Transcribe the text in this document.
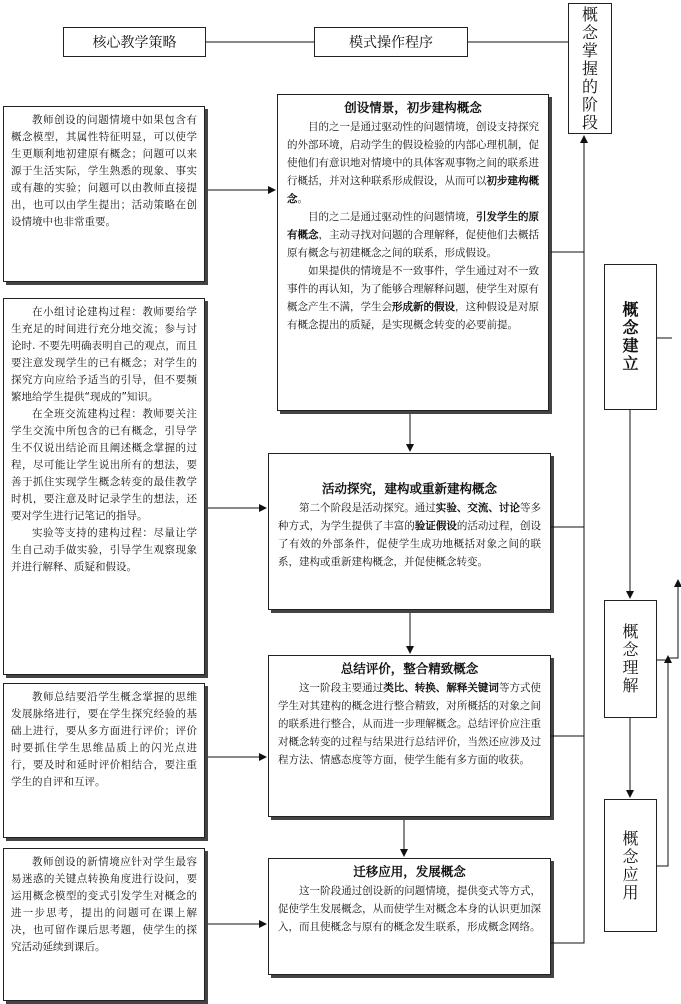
核心教学策略	模式操作程序
概念掌握的阶段

教师创设的问题情境中如果包含有概念模型，其属性特征明显，可以使学生更顺利地初建原有概念；问题可以来源于生活实际，学生熟悉的现象、事实或有趣的实验；问题可以由教师直接提出，也可以由学生提出；活动策略在创设情境中也非常重要。

在小组讨论建构过程：教师要给学生充足的时间进行充分地交流；参与讨论时. 不要先明确表明自己的观点，而且要注意发现学生的已有概念；对学生的探究方向应给予适当的引导，但不要频繁地给学生提供“现成的”知识。

在全班交流建构过程：教师要关注学生交流中所包含的已有概念，引导学生不仅说出结论而且阐述概念掌握的过程，尽可能让学生说出所有的想法，要善于抓住实现学生概念转变的最佳教学时机，要注意及时记录学生的想法，还要对学生进行记笔记的指导。

实验等支持的建构过程：尽量让学生自己动手做实验，引导学生观察现象并进行解释、质疑和假设。

教师总结要沿学生概念掌握的思维发展脉络进行，要在学生探究经验的基础上进行，要从多方面进行评价；评价时要抓住学生思维品质上的闪光点进行，要及时和延时评价相结合，要注重学生的自评和互评。

教师创设的新情境应针对学生最容易迷惑的关键点转换角度进行设问，要运用概念模型的变式引发学生对概念的进一步思考，提出的问题可在课上解决，也可留作课后思考题，使学生的探究活动延续到课后。

创设情景，初步建构概念

目的之一是通过驱动性的问题情境，创设支持探究的外部环境，启动学生的假设检验的内部心理机制，促使他们有意识地对情境中的具体客观事物之间的联系进行概括，并对这种联系形成假设，从而可以初步建构概念。

目的之二是通过驱动性的问题情境，引发学生的原有概念，主动寻找对问题的合理解释，促使他们去概括原有概念与初建概念之间的联系，形成假设。

如果提供的情境是不一致事件，学生通过对不一致事件的再认知，为了能够合理解释问题，使学生对原有概念产生不满，学生会形成新的假设，这种假设是对原有概念提出的质疑，是实现概念转变的必要前提。

活动探究，建构或重新建构概念

第二个阶段是活动探究。通过实验、交流、讨论等多种方式，为学生提供了丰富的验证假设的活动过程，创设了有效的外部条件，促使学生成功地概括对象之间的联系，建构或重新建构概念，并促使概念转变。

总结评价，整合精致概念

这一阶段主要通过类比、转换、解释关键词等方式使学生对其建构的概念进行整合精致，对所概括的对象之间的联系进行整合，从而进一步理解概念。总结评价应注重对概念转变的过程与结果进行总结评价，当然还应涉及过程方法、情感态度等方面，使学生能有多方面的收获。

迁移应用，发展概念

这一阶段通过创设新的问题情境，提供变式等方式，促使学生发展概念，从而使学生对概念本身的认识更加深入，而且使概念与原有的概念发生联系，形成概念网络。

概念建立
概念理解
概念应用
